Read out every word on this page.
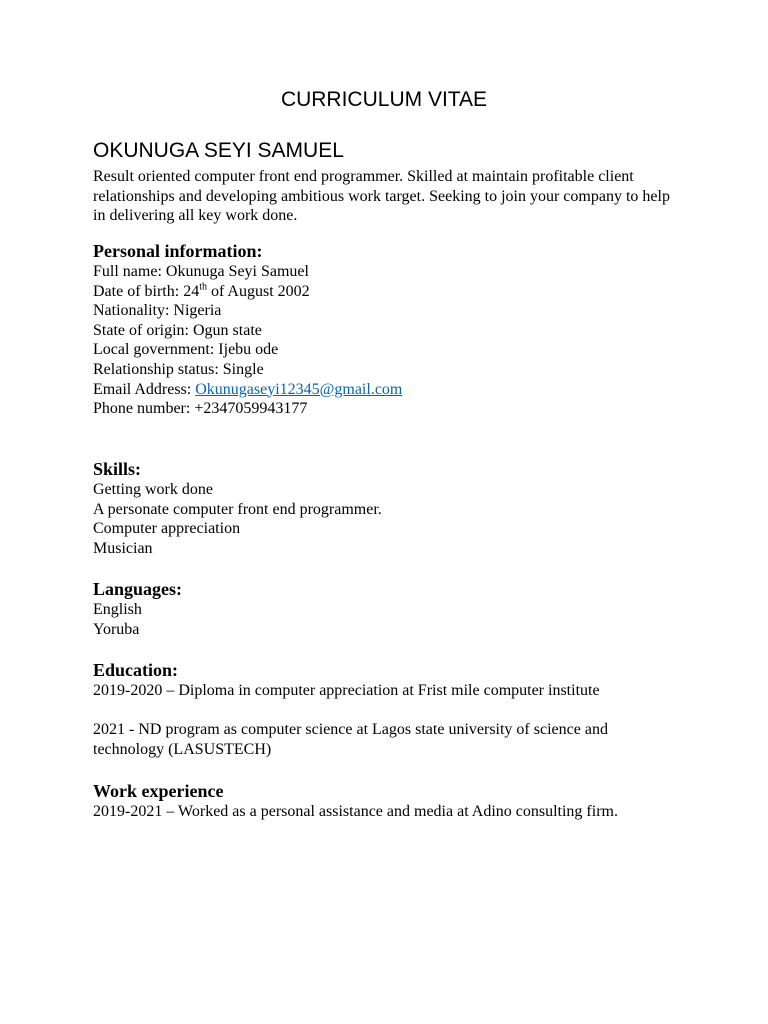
CURRICULUM VITAE
OKUNUGA SEYI SAMUEL

Result oriented computer front end programmer. Skilled at maintain profitable client relationships and developing ambitious work target. Seeking to join your company to help in delivering all key work done.

Personal information:

Full name: Okunuga Seyi Samuel

Date of birth: 24th of August 2002

Nationality: Nigeria

State of origin: Ogun state

Local government: Ijebu ode

Relationship status: Single

Email Address: Okunugaseyi12345@gmail.com

Phone number: +2347059943177

Skills:

Getting work done

A personate computer front end programmer.

Computer appreciation

Musician

Languages:

English

Yoruba

Education:

2019-2020 – Diploma in computer appreciation at Frist mile computer institute

2021 - ND program as computer science at Lagos state university of science and technology (LASUSTECH)

Work experience

2019-2021 – Worked as a personal assistance and media at Adino consulting firm.
